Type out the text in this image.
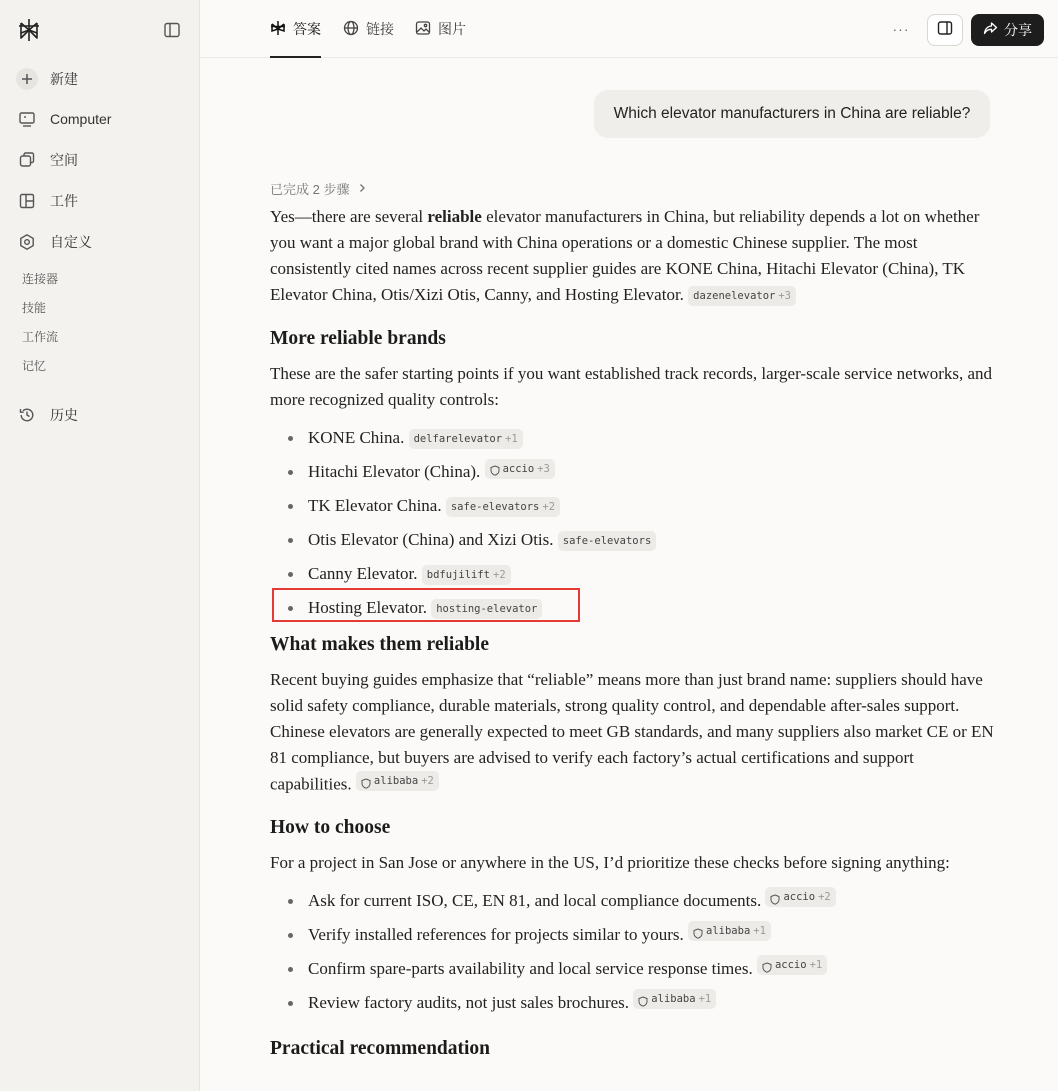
新建
Computer
空间
工件
自定义
连接器
技能
工作流
记忆
历史
答案	链接	图片	···	分享
Which elevator manufacturers in China are reliable?
已完成 2 步骤

Yes—there are several reliable elevator manufacturers in China, but reliability depends a lot on whether you want a major global brand with China operations or a domestic Chinese supplier. The most consistently cited names across recent supplier guides are KONE China, Hitachi Elevator (China), TK Elevator China, Otis/Xizi Otis, Canny, and Hosting Elevator. dazenelevator +3

More reliable brands

These are the safer starting points if you want established track records, larger-scale service networks, and more recognized quality controls:

KONE China. delfarelevator +1
Hitachi Elevator (China). accio +3
TK Elevator China. safe-elevators +2
Otis Elevator (China) and Xizi Otis. safe-elevators
Canny Elevator. bdfujilift +2
Hosting Elevator. hosting-elevator
What makes them reliable

Recent buying guides emphasize that “reliable” means more than just brand name: suppliers should have solid safety compliance, durable materials, strong quality control, and dependable after-sales support. Chinese elevators are generally expected to meet GB standards, and many suppliers also market CE or EN 81 compliance, but buyers are advised to verify each factory’s actual certifications and support capabilities. alibaba +2

How to choose

For a project in San Jose or anywhere in the US, I’d prioritize these checks before signing anything:

Ask for current ISO, CE, EN 81, and local compliance documents. accio +2
Verify installed references for projects similar to yours. alibaba +1
Confirm spare-parts availability and local service response times. accio +1
Review factory audits, not just sales brochures. alibaba +1
Practical recommendation
